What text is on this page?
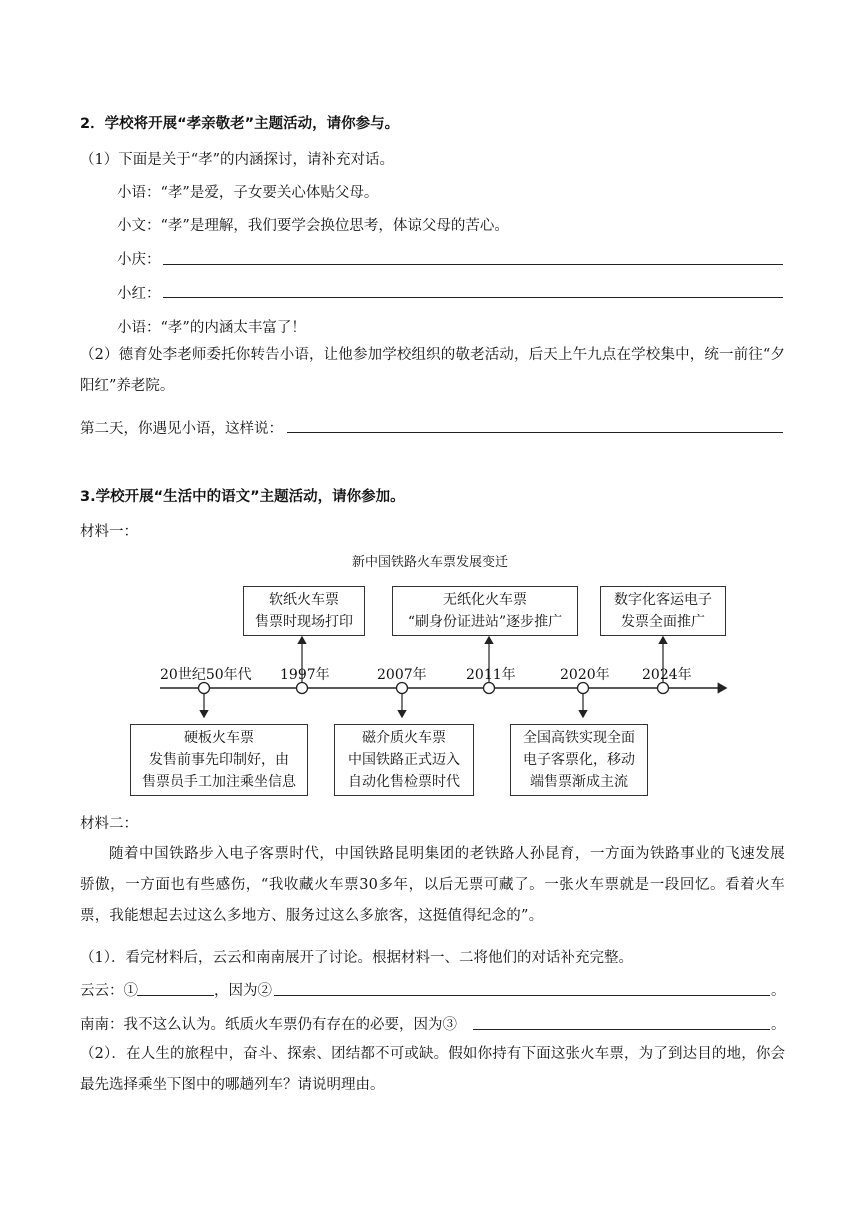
2．学校将开展“孝亲敬老”主题活动，请你参与。
（1）下面是关于“孝”的内涵探讨，请补充对话。
小语：“孝”是爱，子女要关心体贴父母。
小文：“孝”是理解，我们要学会换位思考，体谅父母的苦心。
小庆：
小红：
小语：“孝”的内涵太丰富了！

（2）德育处李老师委托你转告小语，让他参加学校组织的敬老活动，后天上午九点在学校集中，统一前往“夕阳红”养老院。

第二天，你遇见小语，这样说：
3.学校开展“生活中的语文”主题活动，请你参加。
材料一：
新中国铁路火车票发展变迁
20世纪50年代 1997年	2007年	2011年	2020年 2024年
软纸火车票
售票时现场打印
无纸化火车票
“刷身份证进站”逐步推广
数字化客运电子
发票全面推广
硬板火车票
发售前事先印制好，由
售票员手工加注乘坐信息
磁介质火车票
中国铁路正式迈入
自动化售检票时代
全国高铁实现全面
电子客票化，移动
端售票渐成主流
材料二：

随着中国铁路步入电子客票时代，中国铁路昆明集团的老铁路人孙昆育，一方面为铁路事业的飞速发展骄傲，一方面也有些感伤，“我收藏火车票30多年，以后无票可藏了。一张火车票就是一段回忆。看着火车票，我能想起去过这么多地方、服务过这么多旅客，这挺值得纪念的”。

（1）．看完材料后，云云和南南展开了讨论。根据材料一、二将他们的对话补充完整。
云云：①	，因为②	。
南南：我不这么认为。纸质火车票仍有存在的必要，因为③	。

（2）．在人生的旅程中，奋斗、探索、团结都不可或缺。假如你持有下面这张火车票，为了到达目的地，你会最先选择乘坐下图中的哪趟列车？请说明理由。
